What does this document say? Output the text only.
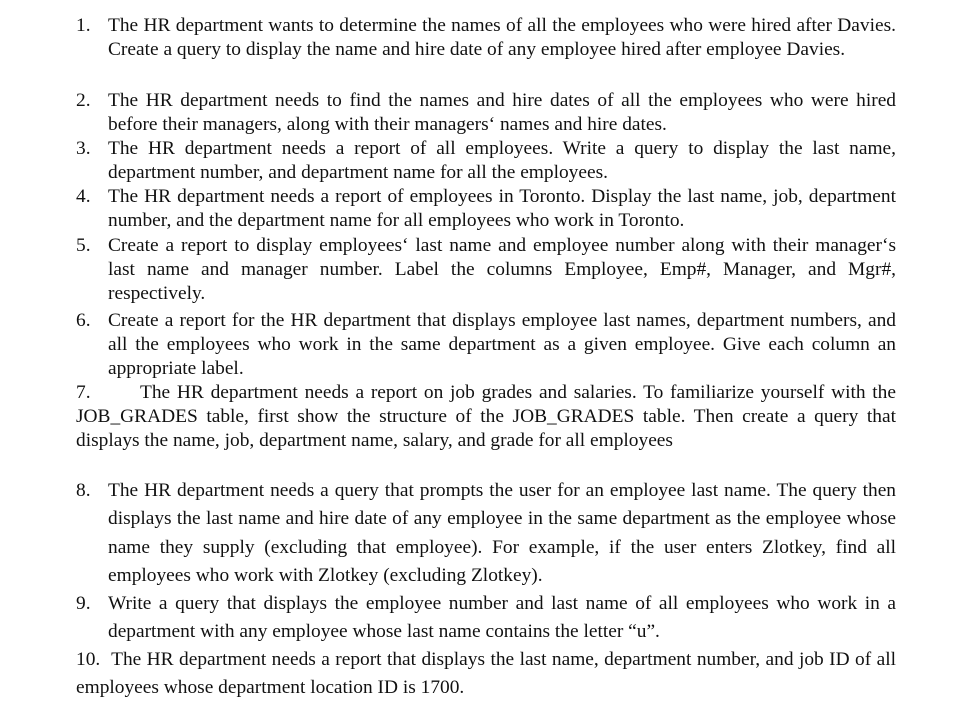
1. The HR department wants to determine the names of all the employees who were hired after Davies. Create a query to display the name and hire date of any employee hired after employee Davies.
2. The HR department needs to find the names and hire dates of all the employees who were hired before their managers, along with their managers‘ names and hire dates.
3. The HR department needs a report of all employees. Write a query to display the last name, department number, and department name for all the employees.
4. The HR department needs a report of employees in Toronto. Display the last name, job, department number, and the department name for all employees who work in Toronto.
5. Create a report to display employees‘ last name and employee number along with their manager‘s last name and manager number. Label the columns Employee, Emp#, Manager, and Mgr#, respectively.
6. Create a report for the HR department that displays employee last names, department numbers, and all the employees who work in the same department as a given employee. Give each column an appropriate label.
7.	The HR department needs a report on job grades and salaries. To familiarize yourself with the JOB_GRADES table, first show the structure of the JOB_GRADES table. Then create a query that displays the name, job, department name, salary, and grade for all employees
8. The HR department needs a query that prompts the user for an employee last name. The query then displays the last name and hire date of any employee in the same department as the employee whose name they supply (excluding that employee). For example, if the user enters Zlotkey, find all employees who work with Zlotkey (excluding Zlotkey).
9. Write a query that displays the employee number and last name of all employees who work in a department with any employee whose last name contains the letter “u”.
10. The HR department needs a report that displays the last name, department number, and job ID of all employees whose department location ID is 1700.
